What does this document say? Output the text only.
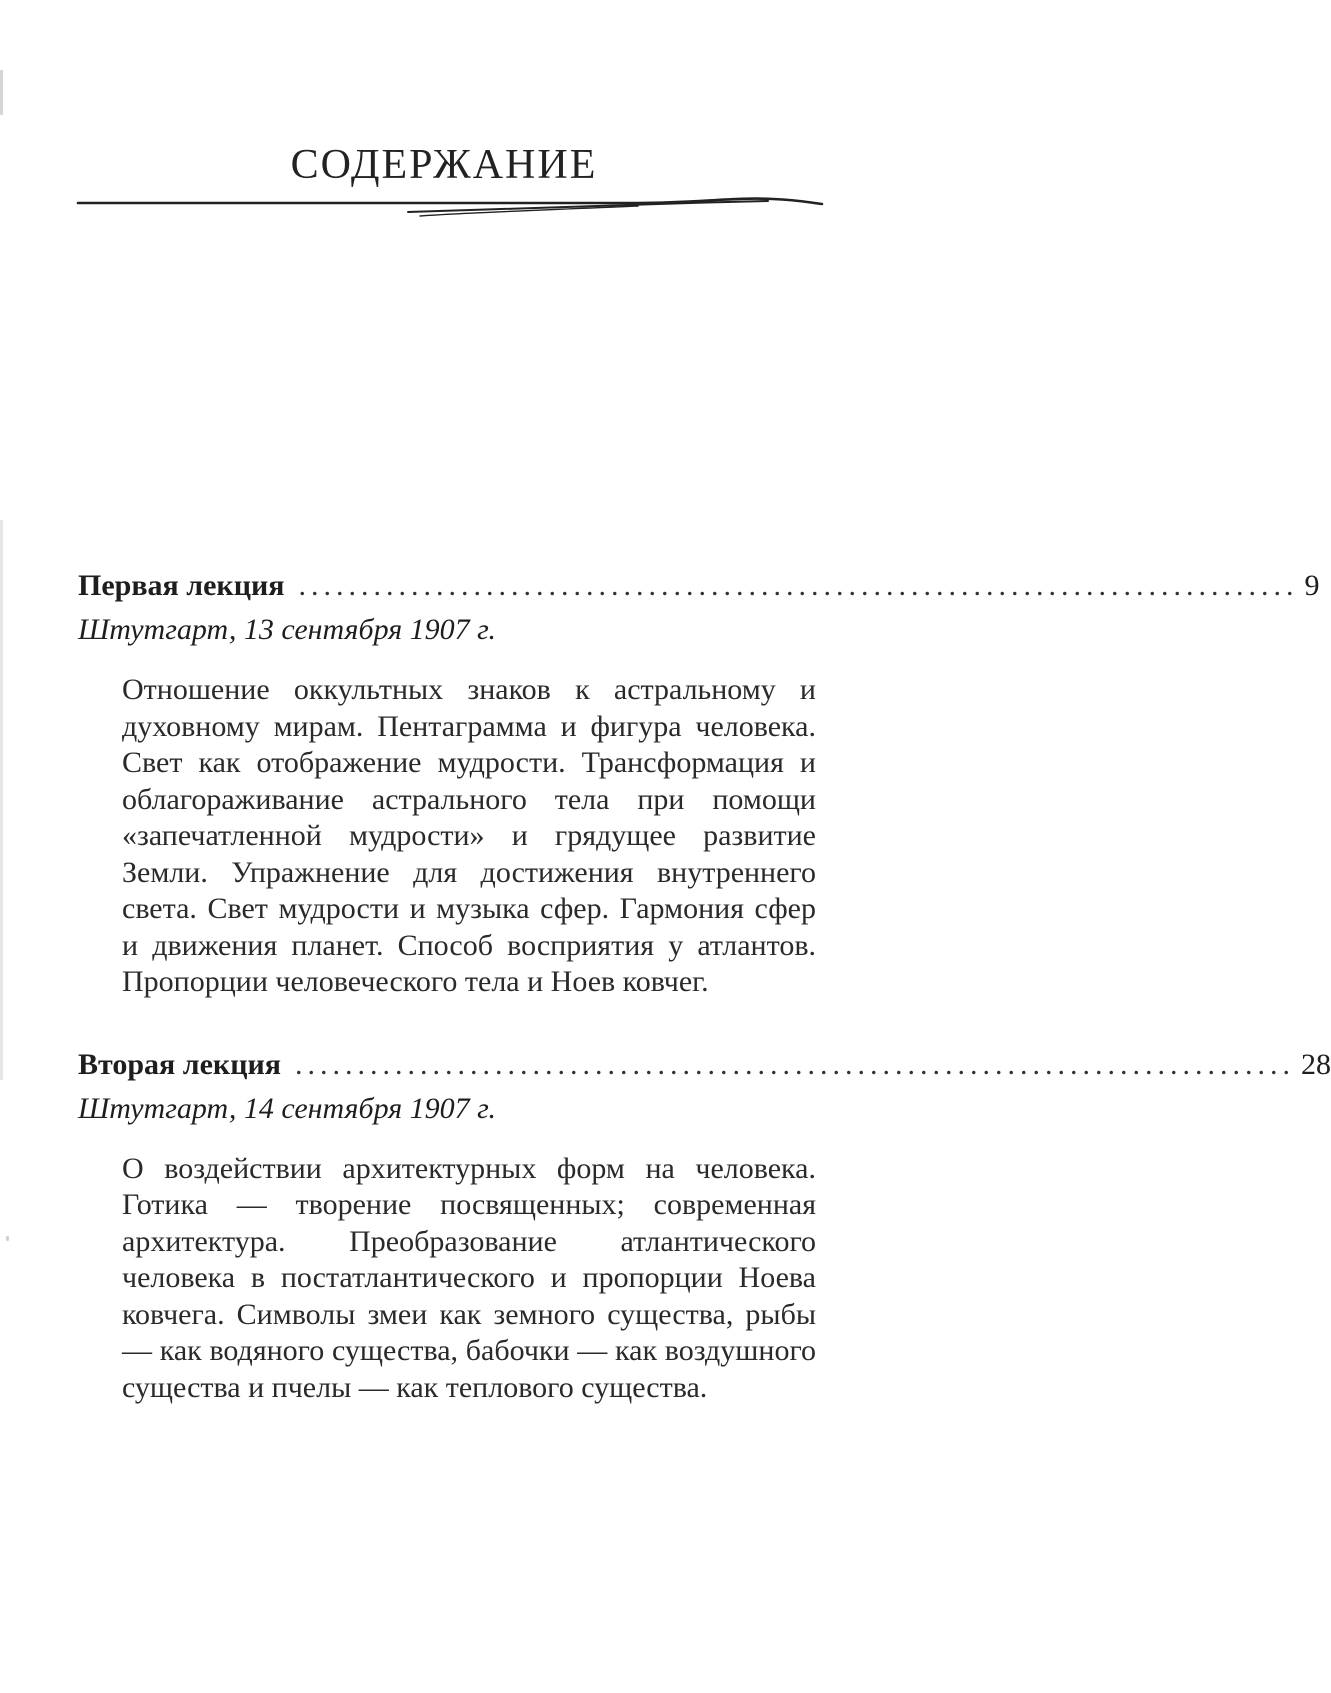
СОДЕРЖАНИЕ
Первая лекция ................................................................................ 9
Штутгарт, 13 сентября 1907 г.
Отношение оккультных знаков к астральному и духовному мирам. Пентаграмма и фигура человека. Свет как отображение мудрости. Трансформация и облагораживание астрального тела при помощи «запечатленной мудрости» и грядущее развитие Земли. Упражнение для достижения внутреннего света. Свет мудрости и музыка сфер. Гармония сфер и движения планет. Способ восприятия у атлантов. Пропорции человеческого тела и Ноев ковчег.
Вторая лекция ................................................................................ 28
Штутгарт, 14 сентября 1907 г.
О воздействии архитектурных форм на человека. Готика — творение посвященных; современная архитектура. Преобразование атлантического человека в постатлантического и пропорции Ноева ковчега. Символы змеи как земного существа, рыбы — как водяного существа, бабочки — как воздушного существа и пчелы — как теплового существа.
